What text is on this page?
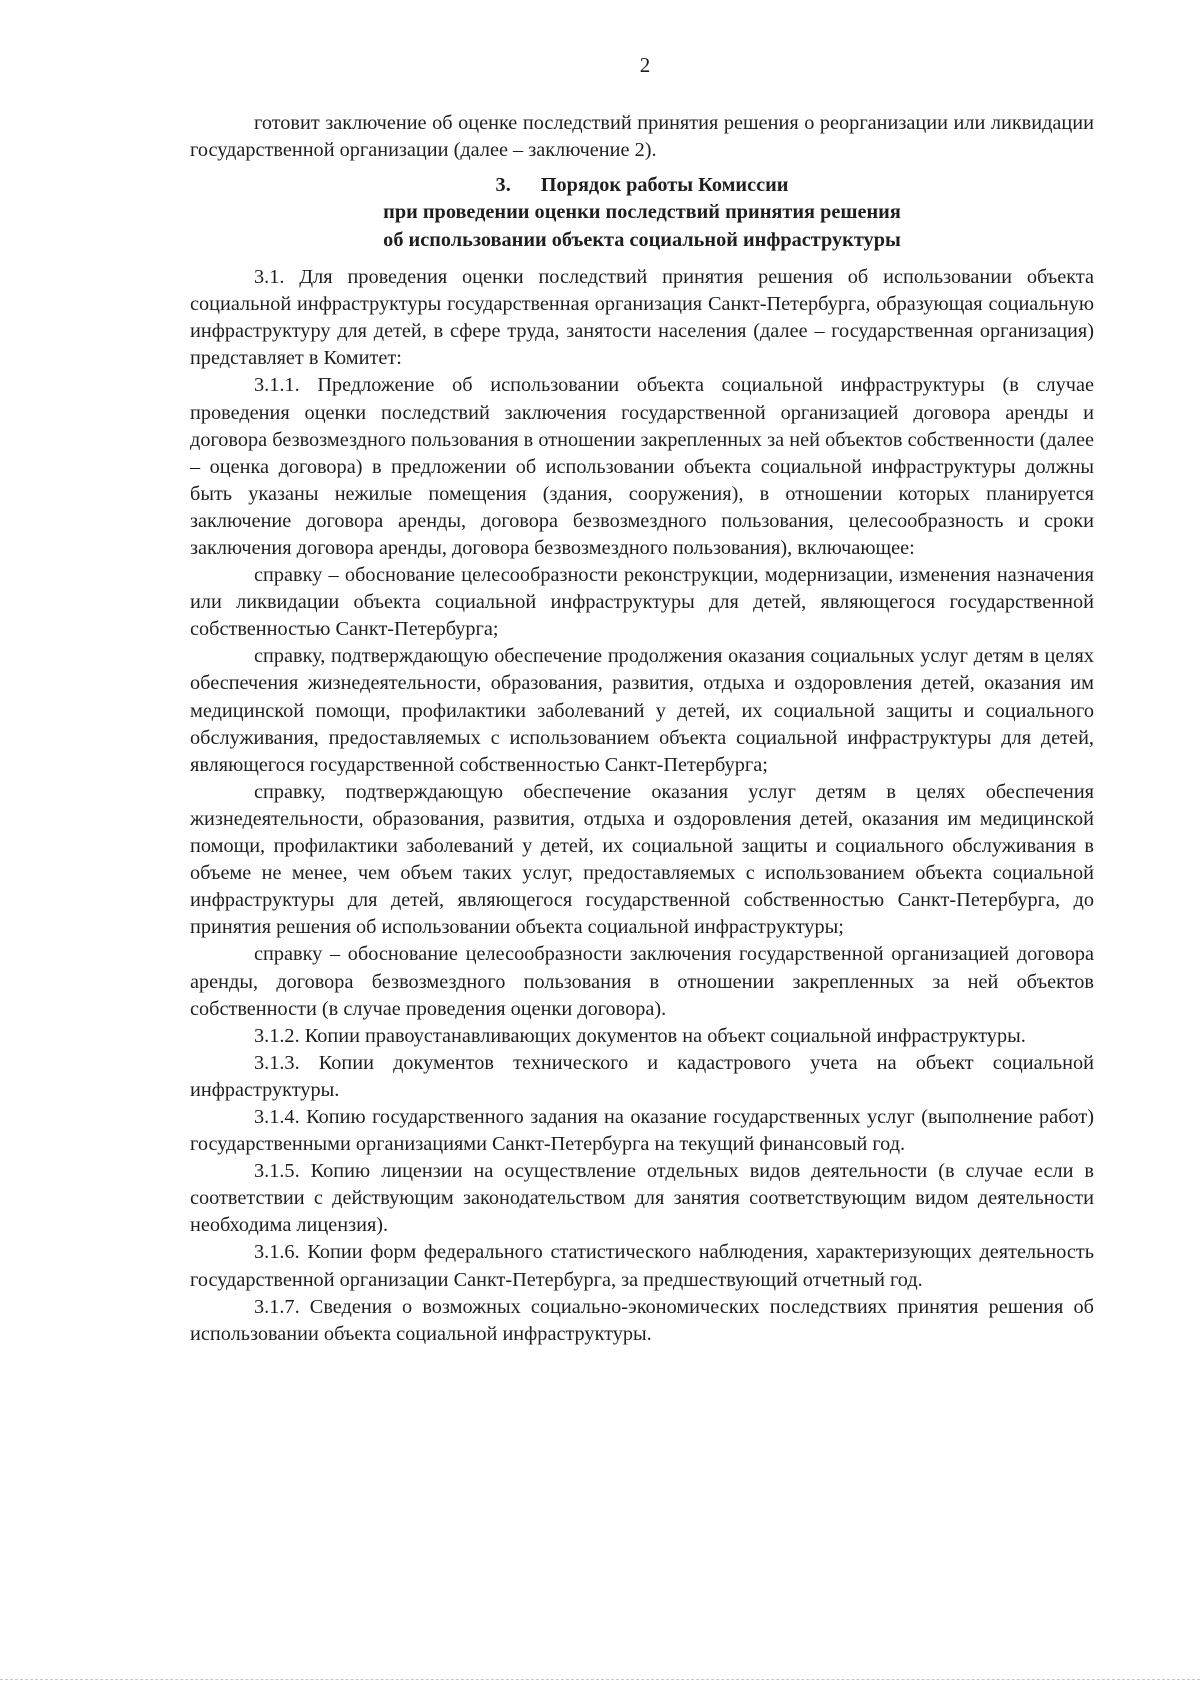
2

готовит заключение об оценке последствий принятия решения о реорганизации или ликвидации государственной организации (далее – заключение 2).

3. Порядок работы Комиссии
при проведении оценки последствий принятия решения
об использовании объекта социальной инфраструктуры

3.1. Для проведения оценки последствий принятия решения об использовании объекта социальной инфраструктуры государственная организация Санкт-Петербурга, образующая социальную инфраструктуру для детей, в сфере труда, занятости населения (далее – государственная организация) представляет в Комитет:

3.1.1. Предложение об использовании объекта социальной инфраструктуры (в случае проведения оценки последствий заключения государственной организацией договора аренды и договора безвозмездного пользования в отношении закрепленных за ней объектов собственности (далее – оценка договора) в предложении об использовании объекта социальной инфраструктуры должны быть указаны нежилые помещения (здания, сооружения), в отношении которых планируется заключение договора аренды, договора безвозмездного пользования, целесообразность и сроки заключения договора аренды, договора безвозмездного пользования), включающее:

справку – обоснование целесообразности реконструкции, модернизации, изменения назначения или ликвидации объекта социальной инфраструктуры для детей, являющегося государственной собственностью Санкт-Петербурга;

справку, подтверждающую обеспечение продолжения оказания социальных услуг детям в целях обеспечения жизнедеятельности, образования, развития, отдыха и оздоровления детей, оказания им медицинской помощи, профилактики заболеваний у детей, их социальной защиты и социального обслуживания, предоставляемых с использованием объекта социальной инфраструктуры для детей, являющегося государственной собственностью Санкт-Петербурга;

справку, подтверждающую обеспечение оказания услуг детям в целях обеспечения жизнедеятельности, образования, развития, отдыха и оздоровления детей, оказания им медицинской помощи, профилактики заболеваний у детей, их социальной защиты и социального обслуживания в объеме не менее, чем объем таких услуг, предоставляемых с использованием объекта социальной инфраструктуры для детей, являющегося государственной собственностью Санкт-Петербурга, до принятия решения об использовании объекта социальной инфраструктуры;

справку – обоснование целесообразности заключения государственной организацией договора аренды, договора безвозмездного пользования в отношении закрепленных за ней объектов собственности (в случае проведения оценки договора).

3.1.2. Копии правоустанавливающих документов на объект социальной инфраструктуры.

3.1.3. Копии документов технического и кадастрового учета на объект социальной инфраструктуры.

3.1.4. Копию государственного задания на оказание государственных услуг (выполнение работ) государственными организациями Санкт-Петербурга на текущий финансовый год.

3.1.5. Копию лицензии на осуществление отдельных видов деятельности (в случае если в соответствии с действующим законодательством для занятия соответствующим видом деятельности необходима лицензия).

3.1.6. Копии форм федерального статистического наблюдения, характеризующих деятельность государственной организации Санкт-Петербурга, за предшествующий отчетный год.

3.1.7. Сведения о возможных социально-экономических последствиях принятия решения об использовании объекта социальной инфраструктуры.
